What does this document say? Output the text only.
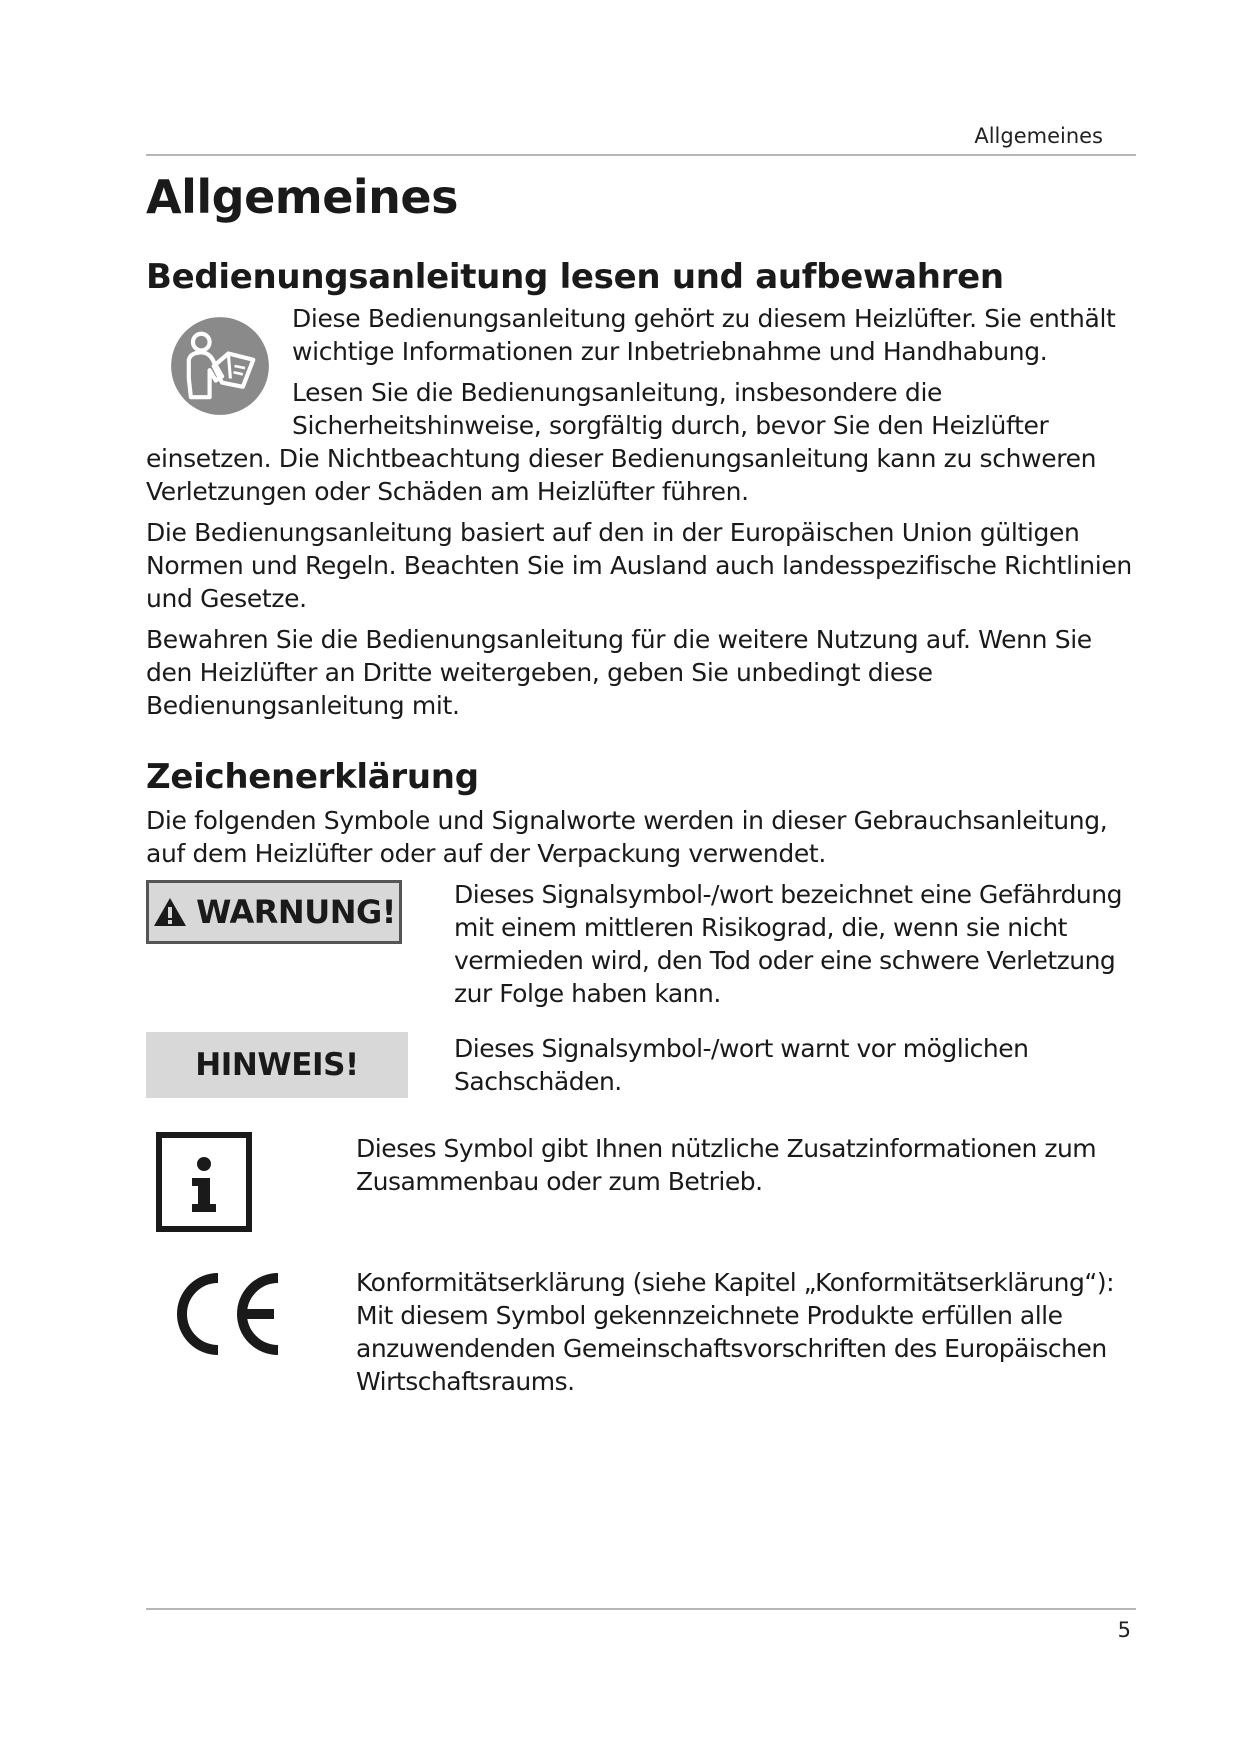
Allgemeines
Allgemeines
Bedienungsanleitung lesen und aufbewahren

Diese Bedienungsanleitung gehört zu diesem Heizlüfter. Sie enthält wichtige Informationen zur Inbetriebnahme und Handhabung.

Lesen Sie die Bedienungsanleitung, insbesondere die Sicherheitshinweise, sorgfältig durch, bevor Sie den Heizlüfter einsetzen. Die Nichtbeachtung dieser Bedienungsanleitung kann zu schweren Verletzungen oder Schäden am Heizlüfter führen.

Die Bedienungsanleitung basiert auf den in der Europäischen Union gültigen Normen und Regeln. Beachten Sie im Ausland auch landesspezifische Richtlinien und Gesetze.

Bewahren Sie die Bedienungsanleitung für die weitere Nutzung auf. Wenn Sie den Heizlüfter an Dritte weitergeben, geben Sie unbedingt diese Bedienungsanleitung mit.

Zeichenerklärung

Die folgenden Symbole und Signalworte werden in dieser Gebrauchsanleitung, auf dem Heizlüfter oder auf der Verpackung verwendet.

WARNUNG! Dieses Signalsymbol-/wort bezeichnet eine Gefährdung mit einem mittleren Risikograd, die, wenn sie nicht vermieden wird, den Tod oder eine schwere Verletzung zur Folge haben kann.

HINWEIS!	Dieses Signalsymbol-/wort warnt vor möglichen Sachschäden.

Dieses Symbol gibt Ihnen nützliche Zusatzinformationen zum Zusammenbau oder zum Betrieb.

Konformitätserklärung (siehe Kapitel „Konformitätserklärung“): Mit diesem Symbol gekennzeichnete Produkte erfüllen alle anzuwendenden Gemeinschaftsvorschriften des Europäischen Wirtschaftsraums.

5
